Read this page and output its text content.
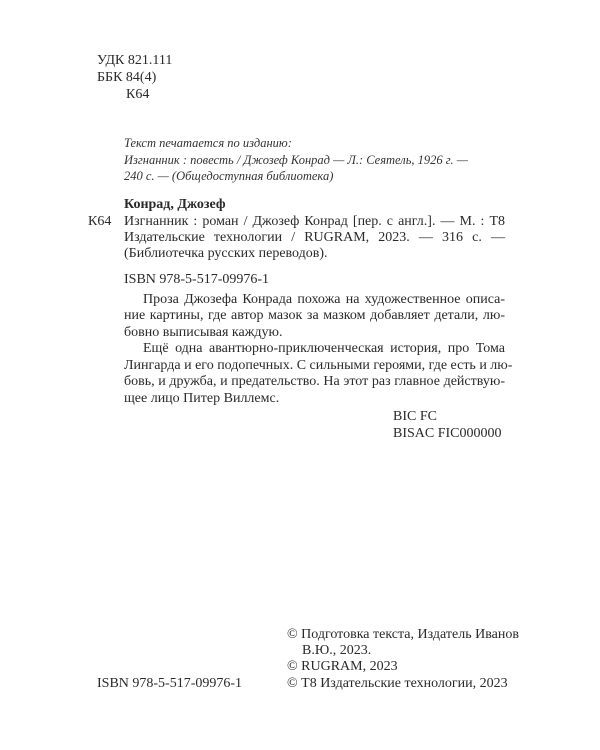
УДК 821.111
ББК 84(4)
К64
Текст печатается по изданию:
Изгнанник : повесть / Джозеф Конрад — Л.: Сеятель, 1926 г. —
240 с. — (Общедоступная библиотека)
Конрад, Джозеф
К64 Изгнанник : роман / Джозеф Конрад [пер. с англ.]. — М. : Т8
Издательские технологии / RUGRAM, 2023. — 316 с. —
(Библиотечка русских переводов).
ISBN 978-5-517-09976-1
Проза Джозефа Конрада похожа на художественное описа-
ние картины, где автор мазок за мазком добавляет детали, лю-
бовно выписывая каждую.
Ещё одна авантюрно-приключенческая история, про Тома
Лингарда и его подопечных. С сильными героями, где есть и лю-
бовь, и дружба, и предательство. На этот раз главное действую-
щее лицо Питер Виллемс.
BIC FC
BISAC FIC000000
© Подготовка текста, Издатель Иванов
В.Ю., 2023.
© RUGRAM, 2023
ISBN 978-5-517-09976-1	© Т8 Издательские технологии, 2023
